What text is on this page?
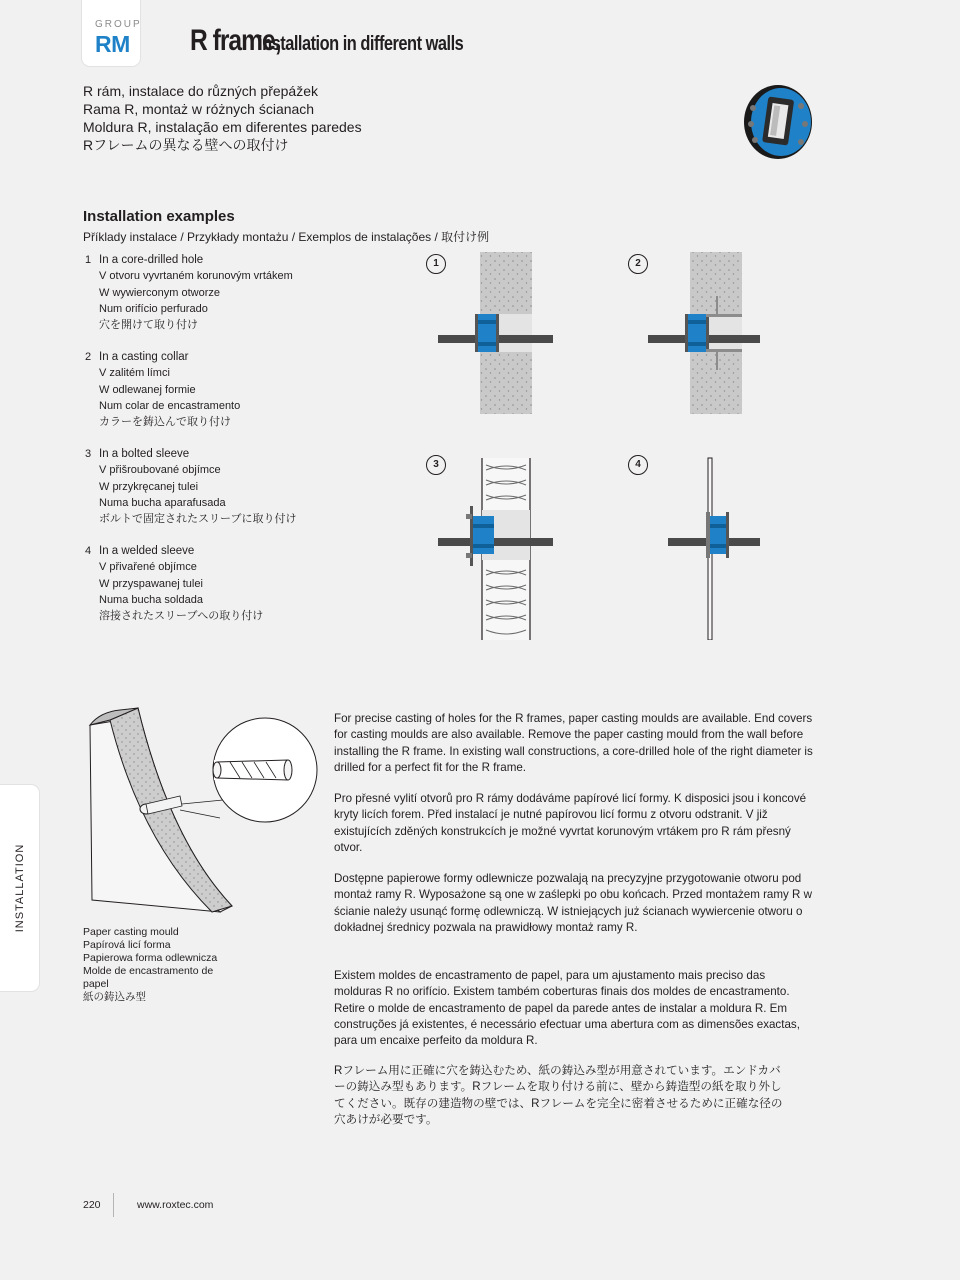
GROUP
RM R frame,installation in different walls
R rám, instalace do různých přepážek
Rama R, montaż w różnych ścianach
Moldura R, instalação em diferentes paredes
Rフレームの異なる壁への取付け
Installation examples
Příklady instalace / Przykłady montażu / Exemplos de instalações / 取付け例
1 In a core-drilled hole
V otvoru vyvrtaném korunovým vrtákem
W wywierconym otworze
Num orifício perfurado
穴を開けて取り付け
2 In a casting collar
V zalitém límci
W odlewanej formie
Num colar de encastramento
カラーを鋳込んで取り付け
3 In a bolted sleeve
V přišroubované objímce
W przykręcanej tulei
Numa bucha aparafusada
ボルトで固定されたスリーブに取り付け
4 In a welded sleeve
V přivařené objímce
W przyspawanej tulei
Numa bucha soldada
溶接されたスリーブへの取り付け
1	2
3	4
Paper casting mould
Papírová licí forma
Papierowa forma odlewnicza
Molde de encastramento de papel
紙の鋳込み型
INSTALLATION
For precise casting of holes for the R frames, paper casting moulds are available. End covers for casting moulds are also available. Remove the paper casting mould from the wall before installing the R frame. In existing wall constructions, a core-drilled hole of the right diameter is drilled for a perfect fit for the R frame.
Pro přesné vylití otvorů pro R rámy dodáváme papírové licí formy. K disposici jsou i koncové kryty licích forem. Před instalací je nutné papírovou licí formu z otvoru odstranit. V již existujících zděných konstrukcích je možné vyvrtat korunovým vrtákem pro R rám přesný otvor.
Dostępne papierowe formy odlewnicze pozwalają na precyzyjne przygotowanie otworu pod montaż ramy R. Wyposażone są one w zaślepki po obu końcach. Przed montażem ramy R w ścianie należy usunąć formę odlewniczą. W istniejących już ścianach wywiercenie otworu o dokładnej średnicy pozwala na prawidłowy montaż ramy R.
Existem moldes de encastramento de papel, para um ajustamento mais preciso das molduras R no orifício. Existem também coberturas finais dos moldes de encastramento. Retire o molde de encastramento de papel da parede antes de instalar a moldura R. Em construções já existentes, é necessário efectuar uma abertura com as dimensões exactas, para um encaixe perfeito da moldura R.
Rフレーム用に正確に穴を鋳込むため、紙の鋳込み型が用意されています。エンドカバーの鋳込み型もあります。Rフレームを取り付ける前に、壁から鋳造型の紙を取り外してください。既存の建造物の壁では、Rフレームを完全に密着させるために正確な径の穴あけが必要です。
220	www.roxtec.com
